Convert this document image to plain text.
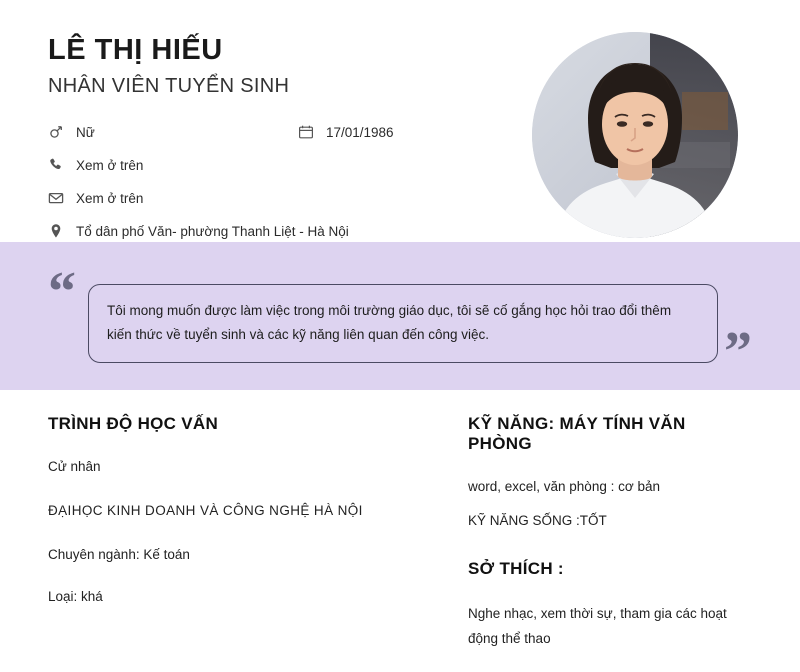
LÊ THỊ HIẾU
NHÂN VIÊN TUYỂN SINH
Nữ	17/01/1986
Xem ở trên
Xem ở trên
Tổ dân phố Văn- phường Thanh Liệt - Hà Nội
“ Tôi mong muốn được làm việc trong môi trường giáo dục, tôi sẽ cố gắng học hỏi trao đổi thêm kiến thức về tuyển sinh và các kỹ năng liên quan đến công việc.	”
TRÌNH ĐỘ HỌC VẤN
Cử nhân
ĐẠIHỌC KINH DOANH VÀ CÔNG NGHỆ HÀ NỘI
Chuyên ngành: Kế toán
Loại: khá
KỸ NĂNG: MÁY TÍNH VĂN PHÒNG
word, excel, văn phòng : cơ bản
KỸ NĂNG SỐNG :TỐT
SỞ THÍCH :
Nghe nhạc, xem thời sự, tham gia các hoạt động thể thao
